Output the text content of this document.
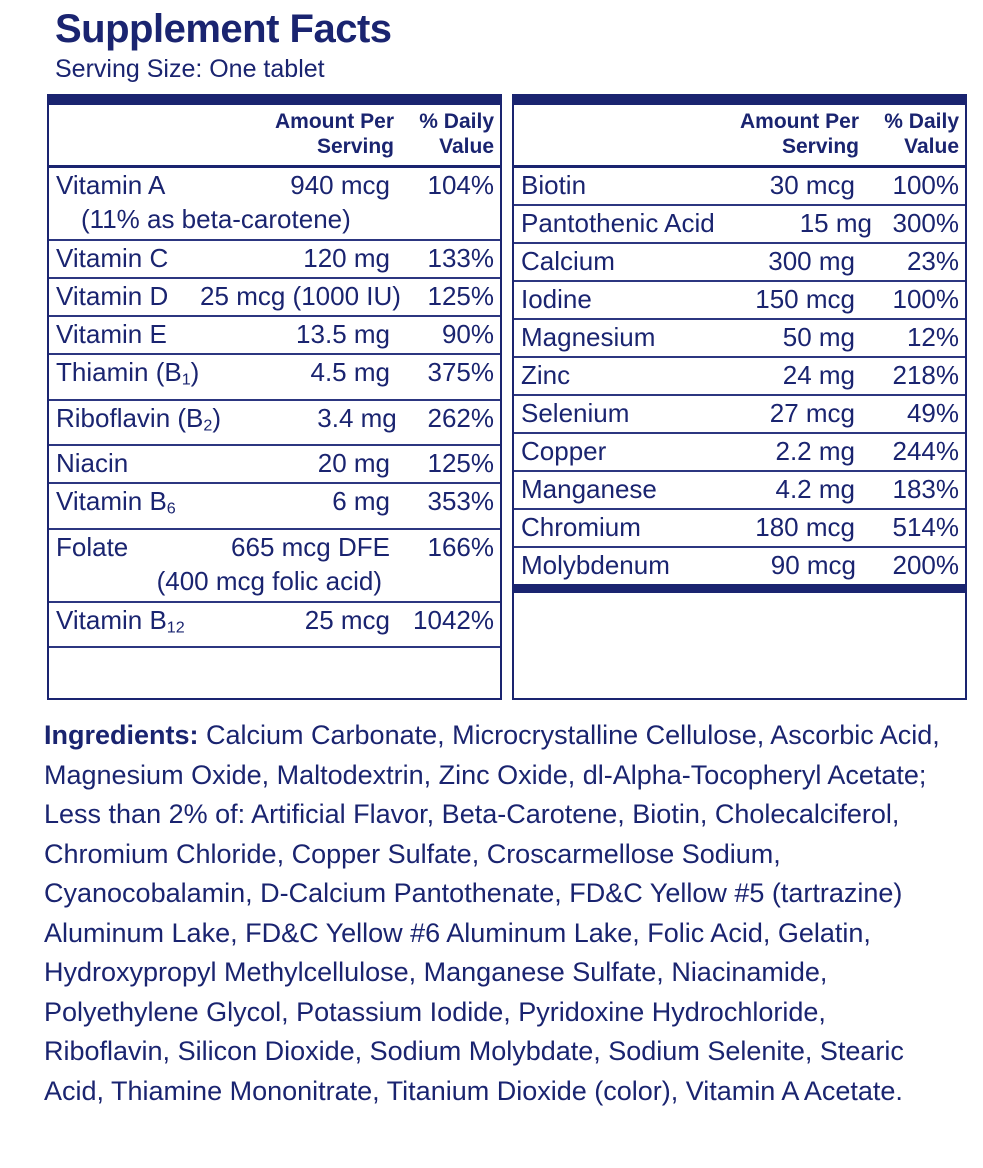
Supplement Facts
Serving Size: One tablet
Amount Per
Serving
% Daily
Value
Vitamin A	940 mcg	104%
(11% as beta-carotene)
Vitamin C	120 mg	133%
Vitamin D	25 mcg (1000 IU)	125%
Vitamin E	13.5 mg	90%
Thiamin $(B_1)$	4.5 mg	375%
Riboflavin $(B_2)$	3.4 mg	262%
Niacin	20 mg	125%
Vitamin $B_6$	6 mg	353%
Folate	665 mcg DFE	166%
(400 mcg folic acid)
Vitamin $B_{12}$	25 mcg 1042%
Amount Per
Serving
% Daily
Value
Biotin	30 mcg	100%
Pantothenic Acid	15 mg 300%
Calcium	300 mg	23%
Iodine	150 mcg	100%
Magnesium	50 mg	12%
Zinc	24 mg	218%
Selenium	27 mcg	49%
Copper	2.2 mg	244%
Manganese	4.2 mg	183%
Chromium	180 mcg	514%
Molybdenum	90 mcg	200%
Ingredients: Calcium Carbonate, Microcrystalline Cellulose, Ascorbic Acid, Magnesium Oxide, Maltodextrin, Zinc Oxide, dl-Alpha-Tocopheryl Acetate; Less than 2% of: Artificial Flavor, Beta-Carotene, Biotin, Cholecalciferol, Chromium Chloride, Copper Sulfate, Croscarmellose Sodium, Cyanocobalamin, D-Calcium Pantothenate, FD&C Yellow #5 (tartrazine) Aluminum Lake, FD&C Yellow #6 Aluminum Lake, Folic Acid, Gelatin, Hydroxypropyl Methylcellulose, Manganese Sulfate, Niacinamide, Polyethylene Glycol, Potassium Iodide, Pyridoxine Hydrochloride, Riboflavin, Silicon Dioxide, Sodium Molybdate, Sodium Selenite, Stearic Acid, Thiamine Mononitrate, Titanium Dioxide (color), Vitamin A Acetate.
